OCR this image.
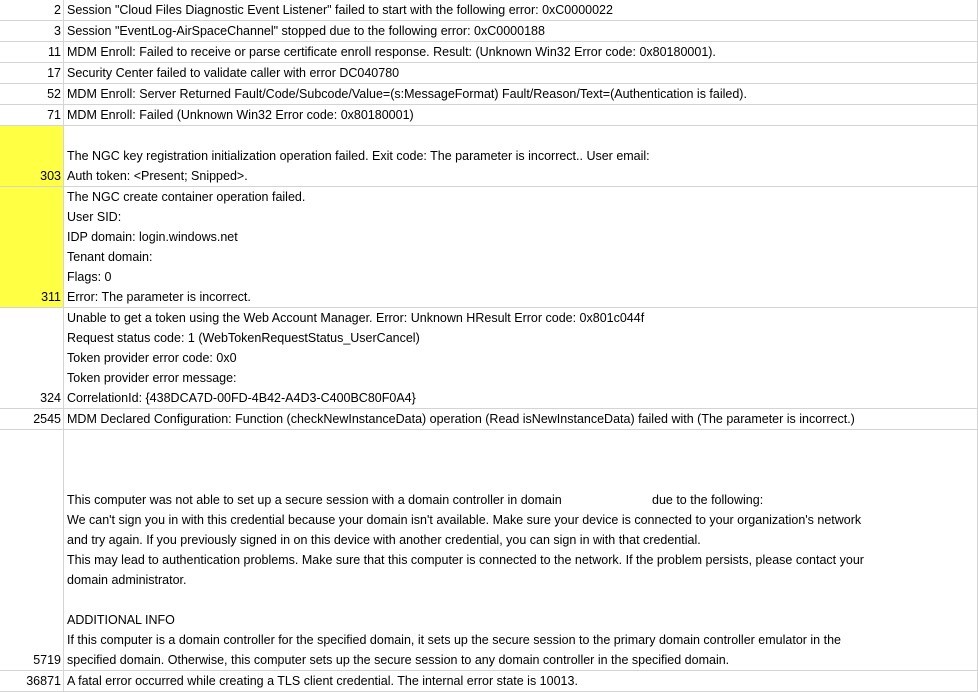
2 Session "Cloud Files Diagnostic Event Listener" failed to start with the following error: 0xC0000022
3 Session "EventLog-AirSpaceChannel" stopped due to the following error: 0xC0000188
11 MDM Enroll: Failed to receive or parse certificate enroll response. Result: (Unknown Win32 Error code: 0x80180001).
17 Security Center failed to validate caller with error DC040780
52 MDM Enroll: Server Returned Fault/Code/Subcode/Value=(s:MessageFormat) Fault/Reason/Text=(Authentication is failed).
71 MDM Enroll: Failed (Unknown Win32 Error code: 0x80180001)
303

The NGC key registration initialization operation failed. Exit code: The parameter is incorrect.. User email:
Auth token: <Present; Snipped>.
311
The NGC create container operation failed.
User SID:
IDP domain: login.windows.net
Tenant domain:
Flags: 0
Error: The parameter is incorrect.
324
Unable to get a token using the Web Account Manager. Error: Unknown HResult Error code: 0x801c044f
Request status code: 1 (WebTokenRequestStatus_UserCancel)
Token provider error code: 0x0
Token provider error message:
CorrelationId: {438DCA7D-00FD-4B42-A4D3-C400BC80F0A4}
2545 MDM Declared Configuration: Function (checkNewInstanceData) operation (Read isNewInstanceData) failed with (The parameter is incorrect.)
5719

This computer was not able to set up a secure session with a domain controller in domain                          due to the following:
We can't sign you in with this credential because your domain isn't available. Make sure your device is connected to your organization's network
and try again. If you previously signed in on this device with another credential, you can sign in with that credential.
This may lead to authentication problems. Make sure that this computer is connected to the network. If the problem persists, please contact your
domain administrator.

ADDITIONAL INFO
If this computer is a domain controller for the specified domain, it sets up the secure session to the primary domain controller emulator in the
specified domain. Otherwise, this computer sets up the secure session to any domain controller in the specified domain.
36871 A fatal error occurred while creating a TLS client credential. The internal error state is 10013.
